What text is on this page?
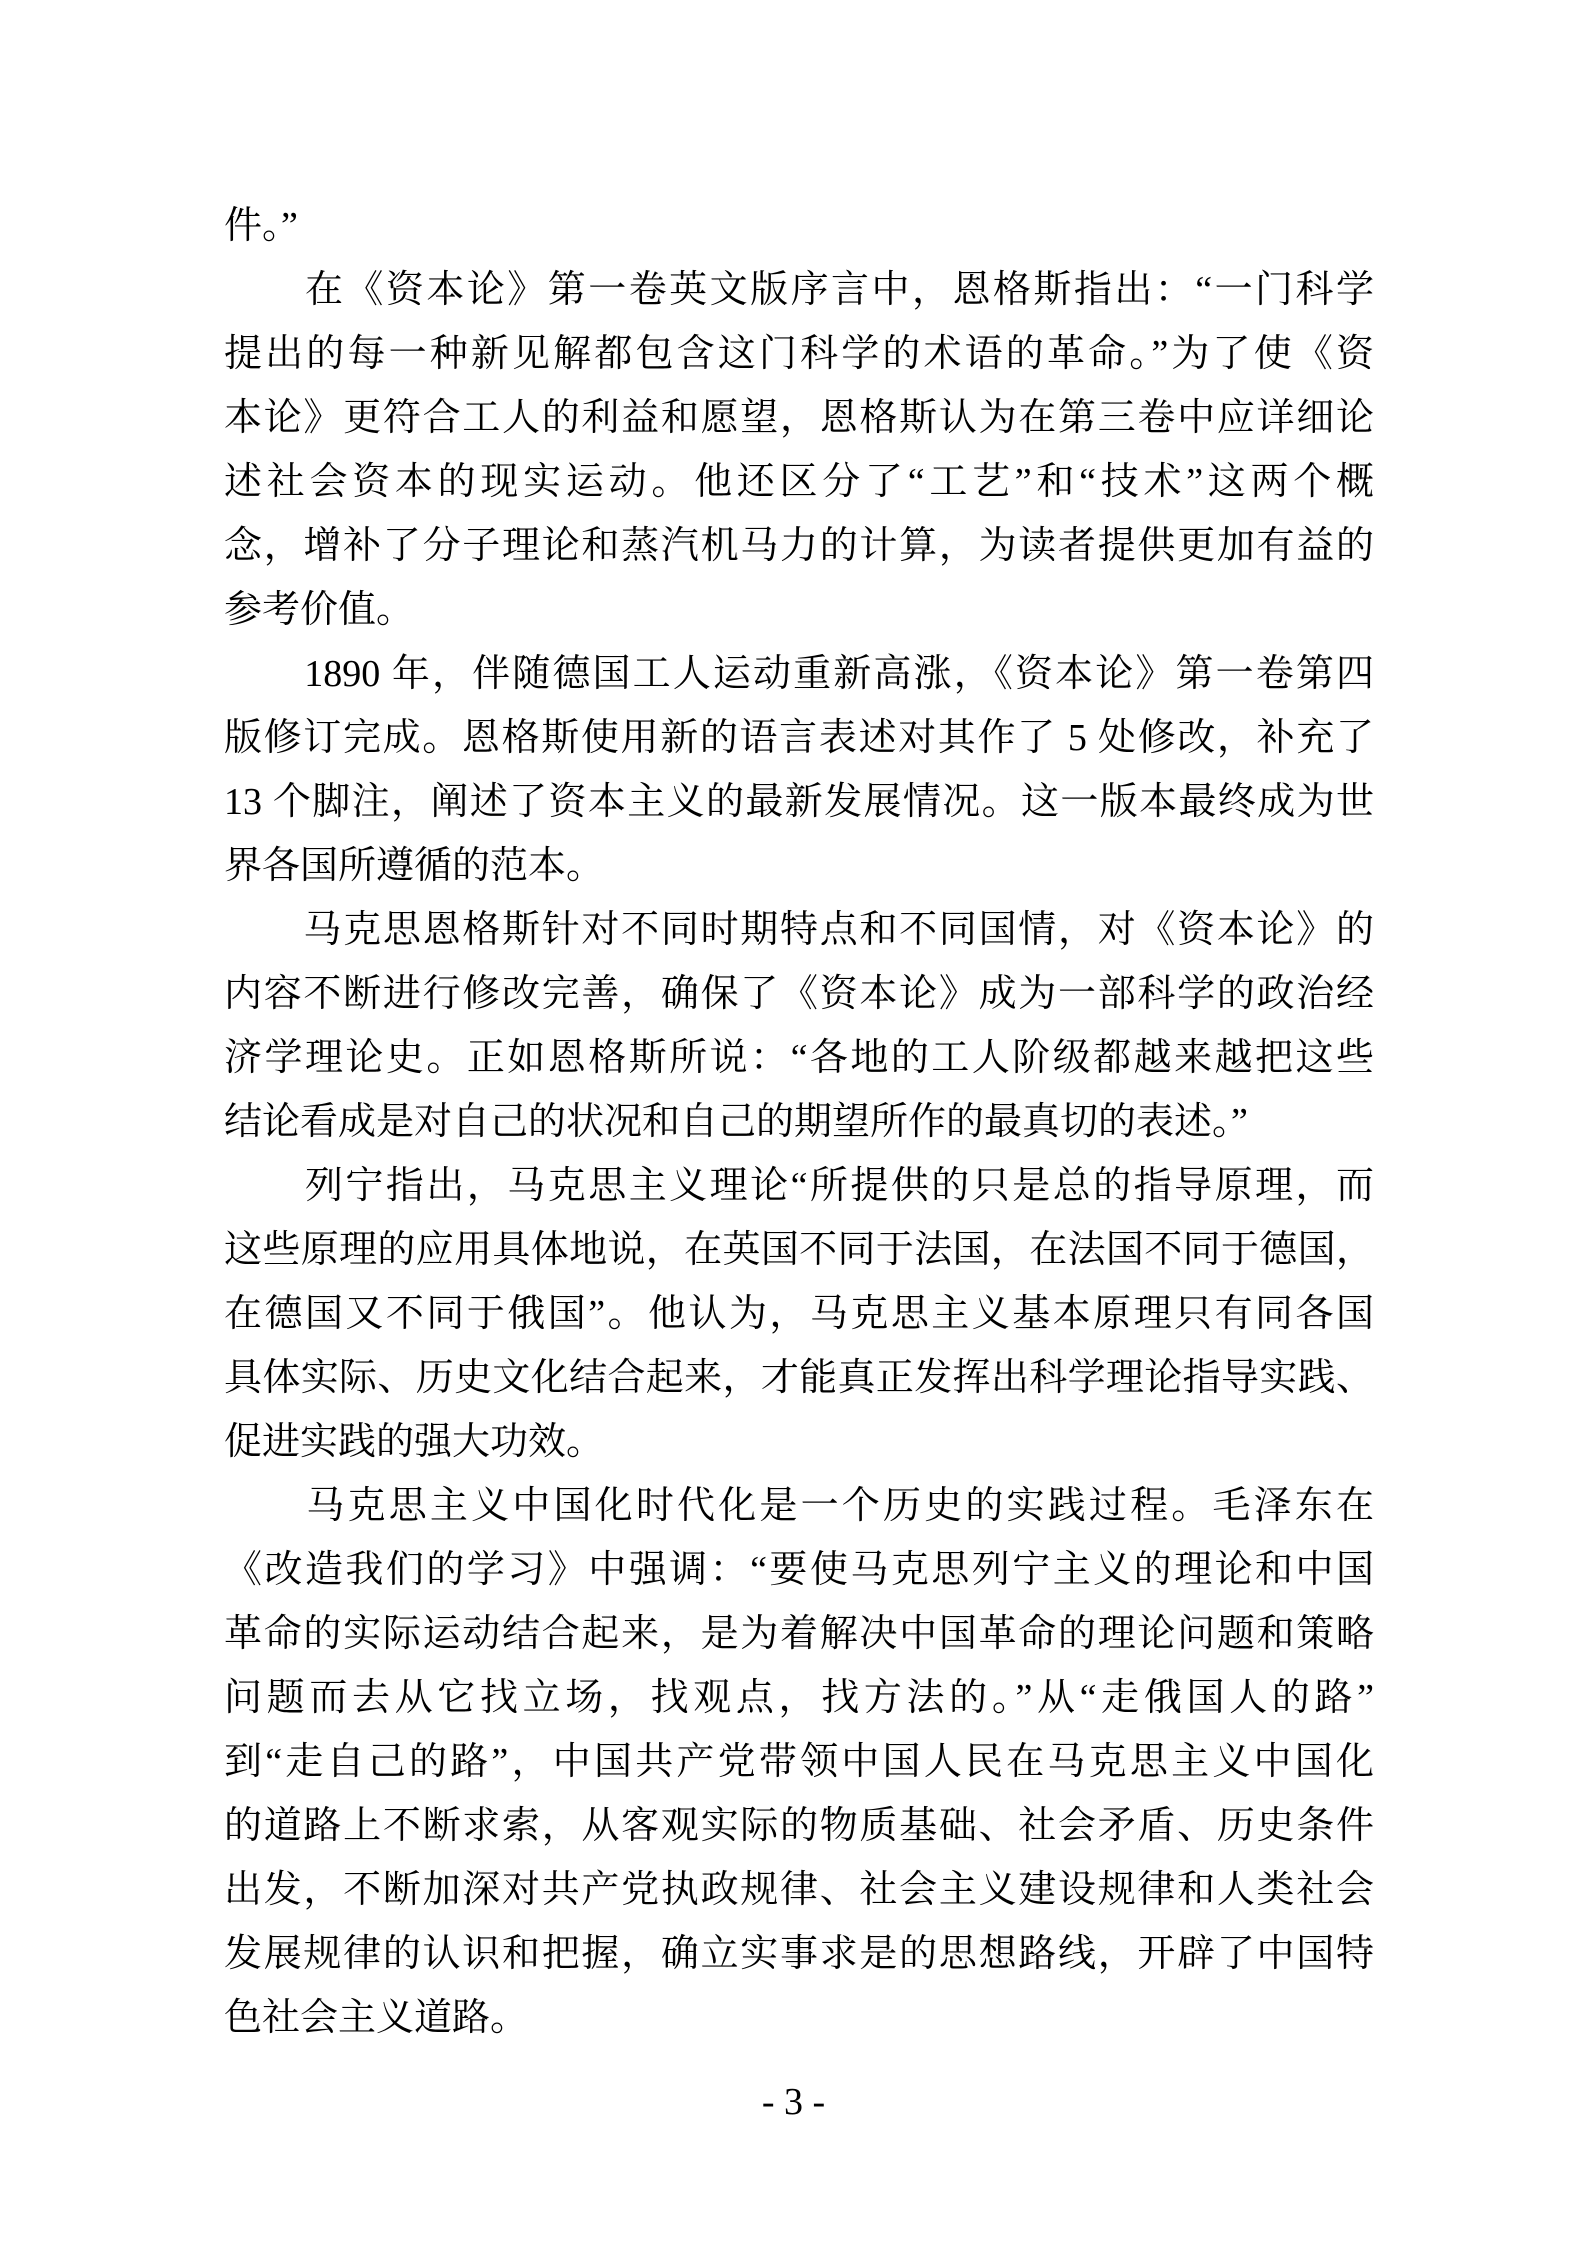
件。”
　　在《资本论》第一卷英文版序言中，恩格斯指出：“一门科学
提出的每一种新见解都包含这门科学的术语的革命。”为了使《资
本论》更符合工人的利益和愿望，恩格斯认为在第三卷中应详细论
述社会资本的现实运动。他还区分了“工艺”和“技术”这两个概
念，增补了分子理论和蒸汽机马力的计算，为读者提供更加有益的
参考价值。
　　1890 年，伴随德国工人运动重新高涨，《资本论》第一卷第四
版修订完成。恩格斯使用新的语言表述对其作了 5 处修改，补充了
13 个脚注，阐述了资本主义的最新发展情况。这一版本最终成为世
界各国所遵循的范本。
　　马克思恩格斯针对不同时期特点和不同国情，对《资本论》的
内容不断进行修改完善，确保了《资本论》成为一部科学的政治经
济学理论史。正如恩格斯所说：“各地的工人阶级都越来越把这些
结论看成是对自己的状况和自己的期望所作的最真切的表述。”
　　列宁指出，马克思主义理论“所提供的只是总的指导原理，而
这些原理的应用具体地说，在英国不同于法国，在法国不同于德国，
在德国又不同于俄国”。他认为，马克思主义基本原理只有同各国
具体实际、历史文化结合起来，才能真正发挥出科学理论指导实践、
促进实践的强大功效。
　　马克思主义中国化时代化是一个历史的实践过程。毛泽东在
《改造我们的学习》中强调：“要使马克思列宁主义的理论和中国
革命的实际运动结合起来，是为着解决中国革命的理论问题和策略
问题而去从它找立场，找观点，找方法的。”从“走俄国人的路”
到“走自己的路”，中国共产党带领中国人民在马克思主义中国化
的道路上不断求索，从客观实际的物质基础、社会矛盾、历史条件
出发，不断加深对共产党执政规律、社会主义建设规律和人类社会
发展规律的认识和把握，确立实事求是的思想路线，开辟了中国特
色社会主义道路。
- 3 -
